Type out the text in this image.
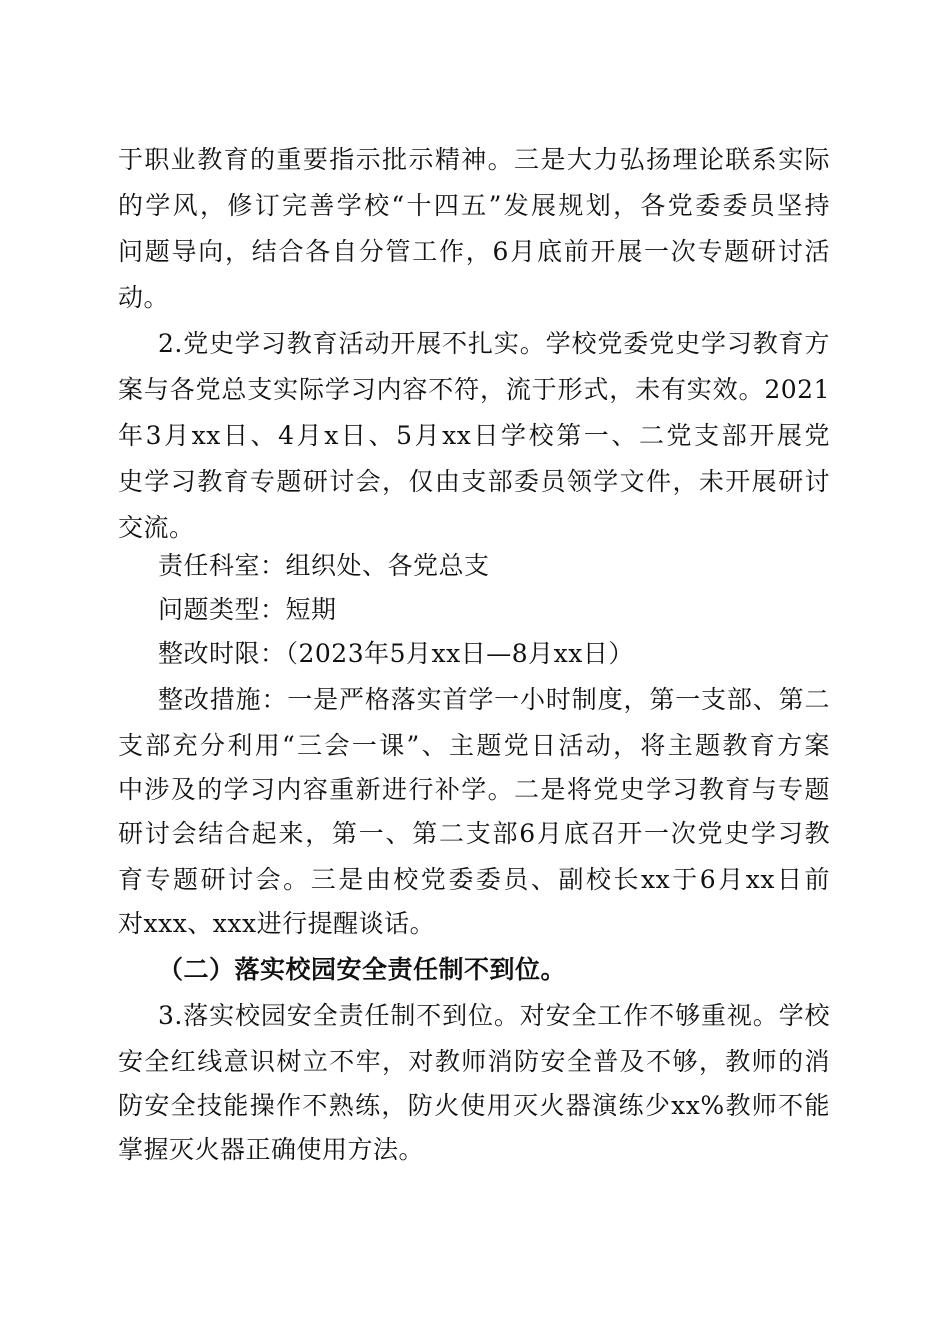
于职业教育的重要指示批示精神。三是大力弘扬理论联系实际
的学风，修订完善学校“十四五”发展规划，各党委委员坚持
问题导向，结合各自分管工作，6月底前开展一次专题研讨活
动。
2.党史学习教育活动开展不扎实。学校党委党史学习教育方
案与各党总支实际学习内容不符，流于形式，未有实效。2021
年3月xx日、4月x日、5月xx日学校第一、二党支部开展党
史学习教育专题研讨会，仅由支部委员领学文件，未开展研讨
交流。
责任科室：组织处、各党总支
问题类型：短期
整改时限：（2023年5月xx日—8月xx日）
整改措施：一是严格落实首学一小时制度，第一支部、第二
支部充分利用“三会一课”、主题党日活动，将主题教育方案
中涉及的学习内容重新进行补学。二是将党史学习教育与专题
研讨会结合起来，第一、第二支部6月底召开一次党史学习教
育专题研讨会。三是由校党委委员、副校长xx于6月xx日前
对xxx、xxx进行提醒谈话。
（二）落实校园安全责任制不到位。
3.落实校园安全责任制不到位。对安全工作不够重视。学校
安全红线意识树立不牢，对教师消防安全普及不够，教师的消
防安全技能操作不熟练，防火使用灭火器演练少xx%教师不能
掌握灭火器正确使用方法。
